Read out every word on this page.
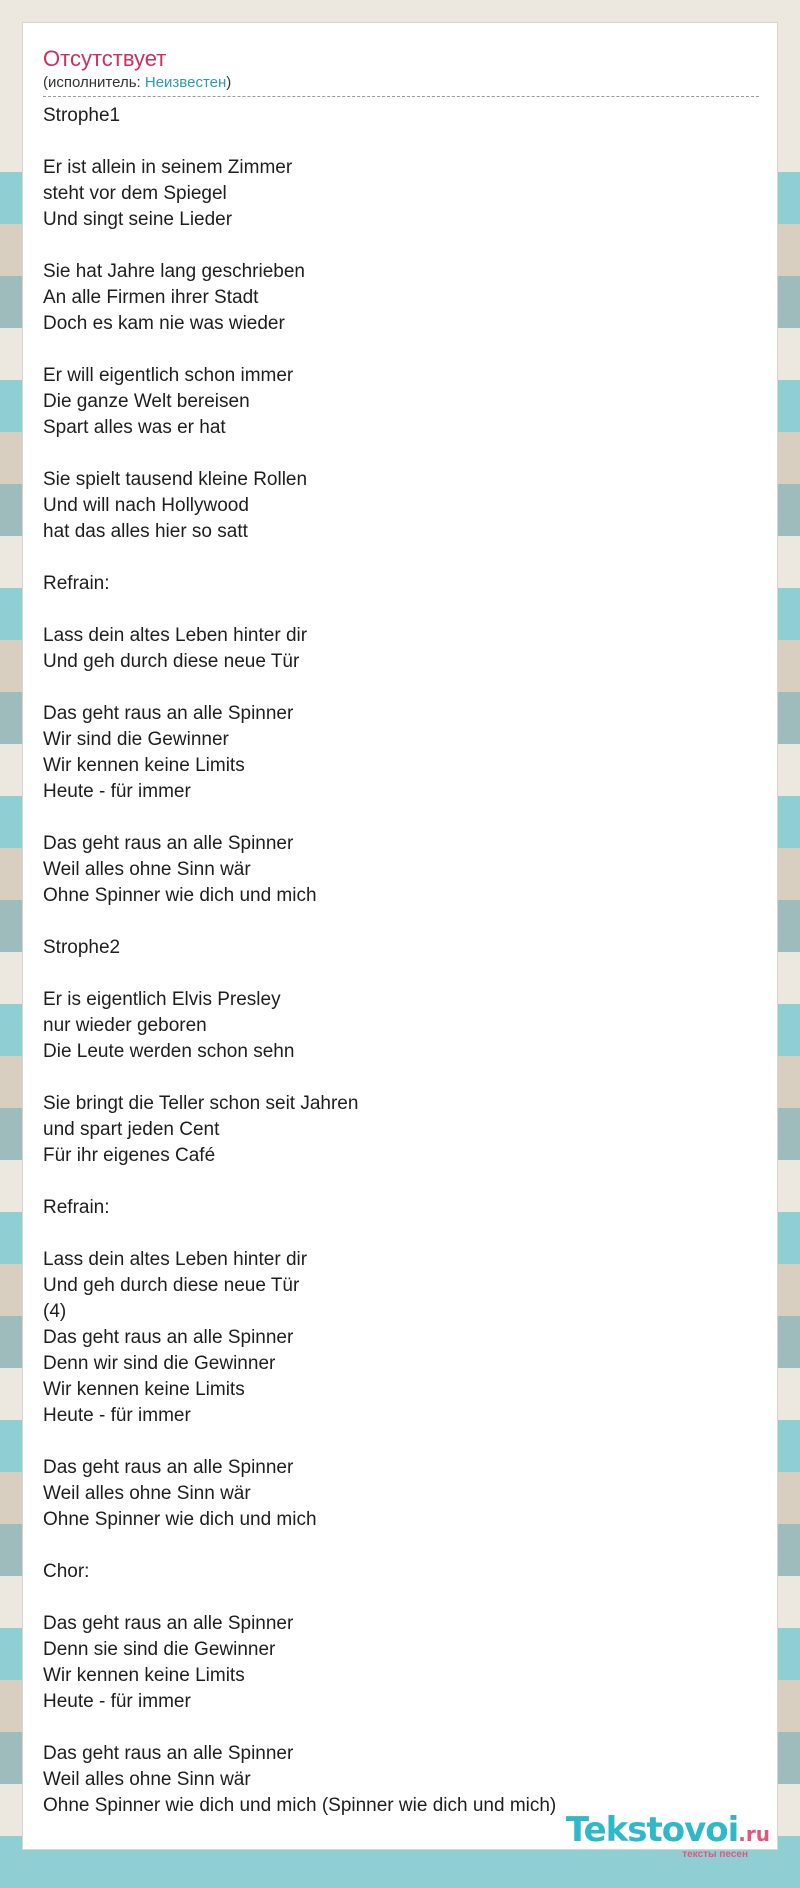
Отсутствует
(исполнитель: Неизвестен)
Strophe1
Er ist allein in seinem Zimmer
steht vor dem Spiegel
Und singt seine Lieder
Sie hat Jahre lang geschrieben
An alle Firmen ihrer Stadt
Doch es kam nie was wieder
Er will eigentlich schon immer
Die ganze Welt bereisen
Spart alles was er hat
Sie spielt tausend kleine Rollen
Und will nach Hollywood
hat das alles hier so satt
Refrain:
Lass dein altes Leben hinter dir
Und geh durch diese neue Tür
Das geht raus an alle Spinner
Wir sind die Gewinner
Wir kennen keine Limits
Heute - für immer
Das geht raus an alle Spinner
Weil alles ohne Sinn wär
Ohne Spinner wie dich und mich
Strophe2
Er is eigentlich Elvis Presley
nur wieder geboren
Die Leute werden schon sehn
Sie bringt die Teller schon seit Jahren
und spart jeden Cent
Für ihr eigenes Café
Refrain:
Lass dein altes Leben hinter dir
Und geh durch diese neue Tür
(4)
Das geht raus an alle Spinner
Denn wir sind die Gewinner
Wir kennen keine Limits
Heute - für immer
Das geht raus an alle Spinner
Weil alles ohne Sinn wär
Ohne Spinner wie dich und mich
Chor:
Das geht raus an alle Spinner
Denn sie sind die Gewinner
Wir kennen keine Limits
Heute - für immer
Das geht raus an alle Spinner
Weil alles ohne Sinn wär
Ohne Spinner wie dich und mich (Spinner wie dich und mich)
Tekstovoi.ru
тексты песен
